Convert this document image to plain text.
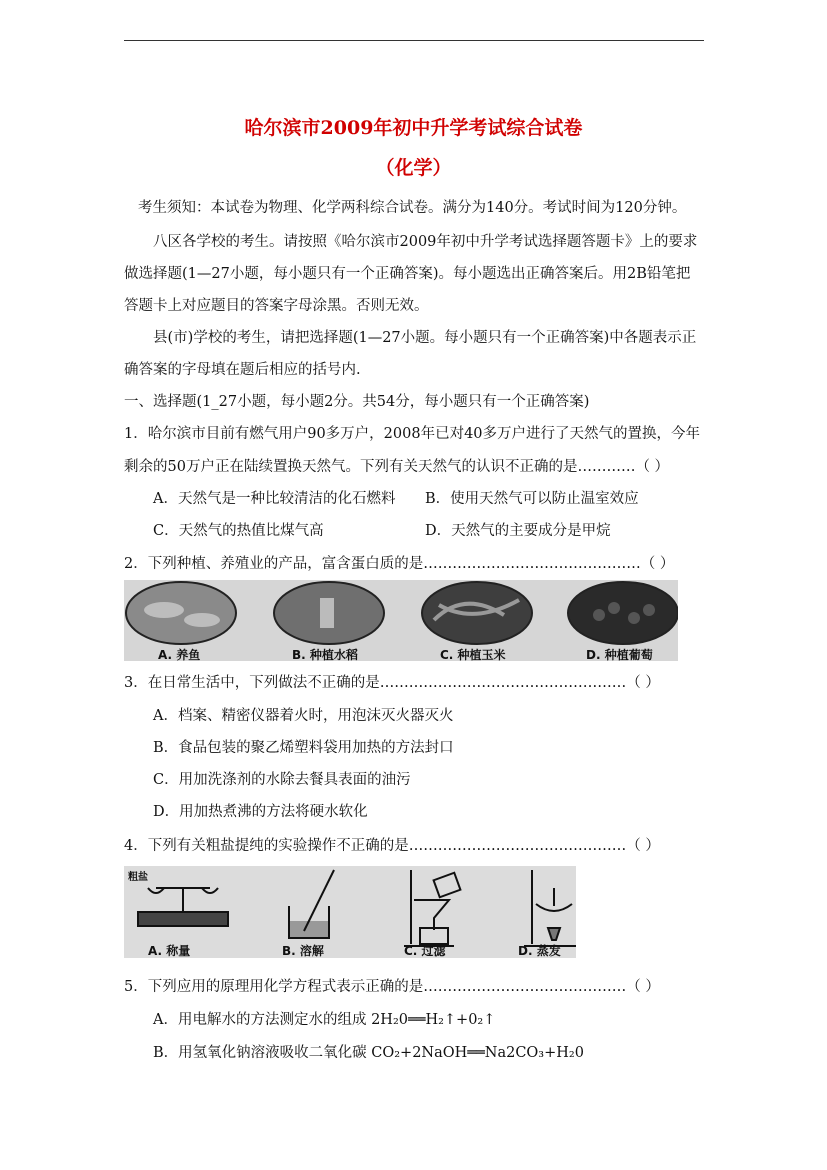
哈尔滨市2009年初中升学考试综合试卷
（化学）
考生须知：本试卷为物理、化学两科综合试卷。满分为140分。考试时间为120分钟。
八区各学校的考生。请按照《哈尔滨市2009年初中升学考试选择题答题卡》上的要求
做选择题(1—27小题，每小题只有一个正确答案)。每小题选出正确答案后。用2B铅笔把
答题卡上对应题目的答案字母涂黑。否则无效。
县(市)学校的考生，请把选择题(1—27小题。每小题只有一个正确答案)中各题表示正
确答案的字母填在题后相应的括号内.
一、选择题(1_27小题，每小题2分。共54分，每小题只有一个正确答案)
1．哈尔滨市目前有燃气用户90多万户，2008年已对40多万户进行了天然气的置换，今年
剩余的50万户正在陆续置换天然气。下列有关天然气的认识不正确的是…………（ ）
A．天然气是一种比较清洁的化石燃料 B．使用天然气可以防止温室效应
C．天然气的热值比煤气高	D．天然气的主要成分是甲烷
2．下列种植、养殖业的产品，富含蛋白质的是………………………………………（ ）
A. 养鱼	B. 种植水稻	C. 种植玉米	D. 种植葡萄
3．在日常生活中，下列做法不正确的是……………………………………………（ ）
A．档案、精密仪器着火时，用泡沫灭火器灭火
B．食品包装的聚乙烯塑料袋用加热的方法封口
C．用加洗涤剂的水除去餐具表面的油污
D．用加热煮沸的方法将硬水软化
4．下列有关粗盐提纯的实验操作不正确的是………………………………………（ ）
粗盐
A. 称量	B. 溶解	C. 过滤	D. 蒸发
5．下列应用的原理用化学方程式表示正确的是……………………………………（ ）
A．用电解水的方法测定水的组成 2H₂0══H₂↑+0₂↑
B．用氢氧化钠溶液吸收二氧化碳 CO₂+2NaOH══Na2CO₃+H₂0
